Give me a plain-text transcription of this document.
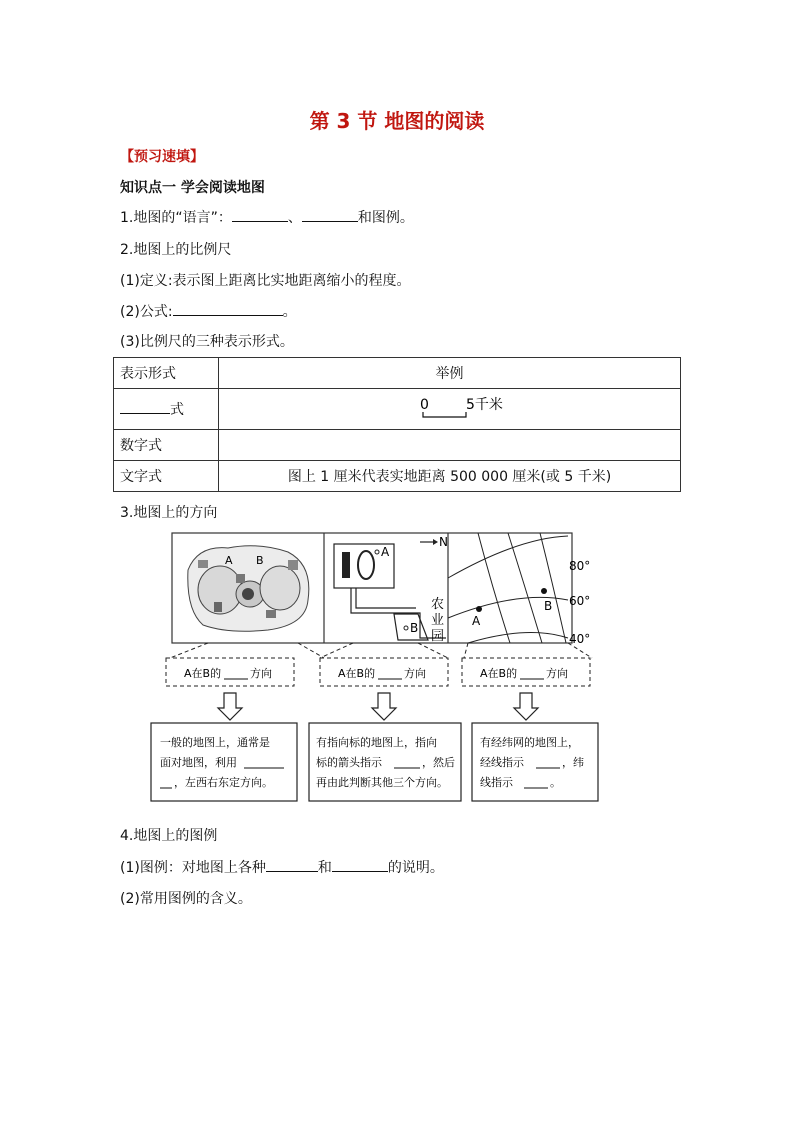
第 3 节 地图的阅读
【预习速填】
知识点一 学会阅读地图
1.地图的“语言”：	、	和图例。
2.地图上的比例尺
(1)定义:表示图上距离比实地距离缩小的程度。
(2)公式:	。
(3)比例尺的三种表示形式。
表示形式	举例
式	0 5千米

数字式	
文字式	图上 1 厘米代表实地距离 500 000 厘米(或 5 千米)
3.地图上的方向
A B
A
B
N
农
业
园
A
B
80°
60°
40°
A在B的	方向	A在B的	方向	A在B的	方向
一般的地图上，通常是
面对地图，利用
，左西右东定方向。
有指向标的地图上，指向
标的箭头指示	，然后
再由此判断其他三个方向。
有经纬网的地图上，
经线指示	，纬
线指示	。
4.地图上的图例
(1)图例：对地图上各种	和	的说明。
(2)常用图例的含义。
